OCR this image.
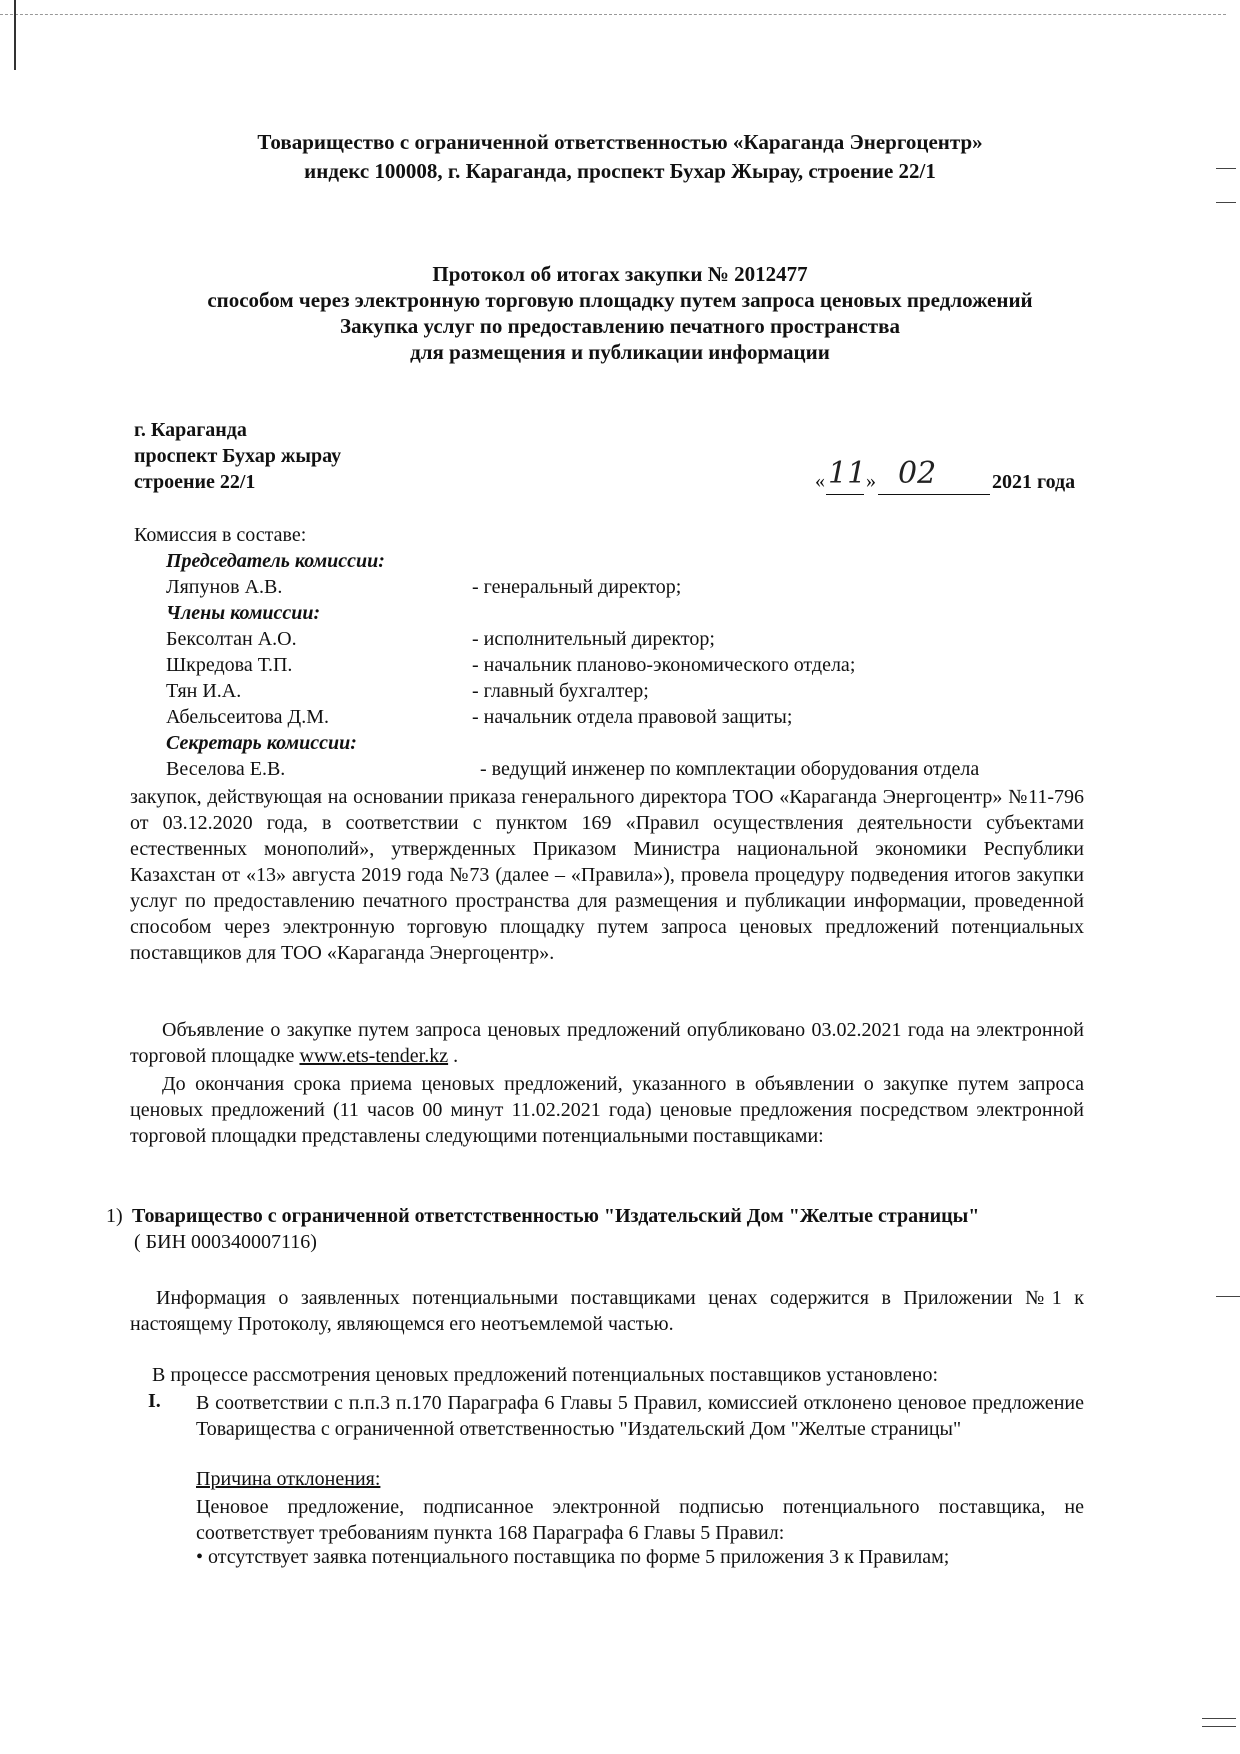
Товарищество с ограниченной ответственностью «Караганда Энергоцентр»
индекс 100008, г. Караганда, проспект Бухар Жырау, строение 22/1
Протокол об итогах закупки № 2012477
способом через электронную торговую площадку путем запроса ценовых предложений
Закупка услуг по предоставлению печатного пространства
для размещения и публикации информации
г. Караганда
проспект Бухар жырау
строение 22/1	« 11 » 02	2021 года
Комиссия в составе:
Председатель комиссии:
Ляпунов А.В.	- генеральный директор;
Члены комиссии:
Бексолтан А.О.	- исполнительный директор;
Шкредова Т.П.	- начальник планово-экономического отдела;
Тян И.А.	- главный бухгалтер;
Абельсеитова Д.М.	- начальник отдела правовой защиты;
Секретарь комиссии:
Веселова Е.В.	- ведущий инженер по комплектации оборудования отдела
закупок, действующая на основании приказа генерального директора ТОО «Караганда Энергоцентр» №11-796 от 03.12.2020 года, в соответствии с пунктом 169 «Правил осуществления деятельности субъектами естественных монополий», утвержденных Приказом Министра национальной экономики Республики Казахстан от «13» августа 2019 года №73 (далее – «Правила»), провела процедуру подведения итогов закупки услуг по предоставлению печатного пространства для размещения и публикации информации, проведенной способом через электронную торговую площадку путем запроса ценовых предложений потенциальных поставщиков для ТОО «Караганда Энергоцентр».
Объявление о закупке путем запроса ценовых предложений опубликовано 03.02.2021 года на электронной торговой площадке www.ets-tender.kz .
До окончания срока приема ценовых предложений, указанного в объявлении о закупке путем запроса ценовых предложений (11 часов 00 минут 11.02.2021 года) ценовые предложения посредством электронной торговой площадки представлены следующими потенциальными поставщиками:
1) Товарищество с ограниченной ответстственностью "Издательский Дом "Желтые страницы"
( БИН 000340007116)
Информация о заявленных потенциальными поставщиками ценах содержится в Приложении №1 к настоящему Протоколу, являющемся его неотъемлемой частью.
В процессе рассмотрения ценовых предложений потенциальных поставщиков установлено:
I. В соответствии с п.п.3 п.170 Параграфа 6 Главы 5 Правил, комиссией отклонено ценовое предложение Товарищества с ограниченной ответственностью "Издательский Дом "Желтые страницы"
Причина отклонения:
Ценовое предложение, подписанное электронной подписью потенциального поставщика, не соответствует требованиям пункта 168 Параграфа 6 Главы 5 Правил:
• отсутствует заявка потенциального поставщика по форме 5 приложения 3 к Правилам;
